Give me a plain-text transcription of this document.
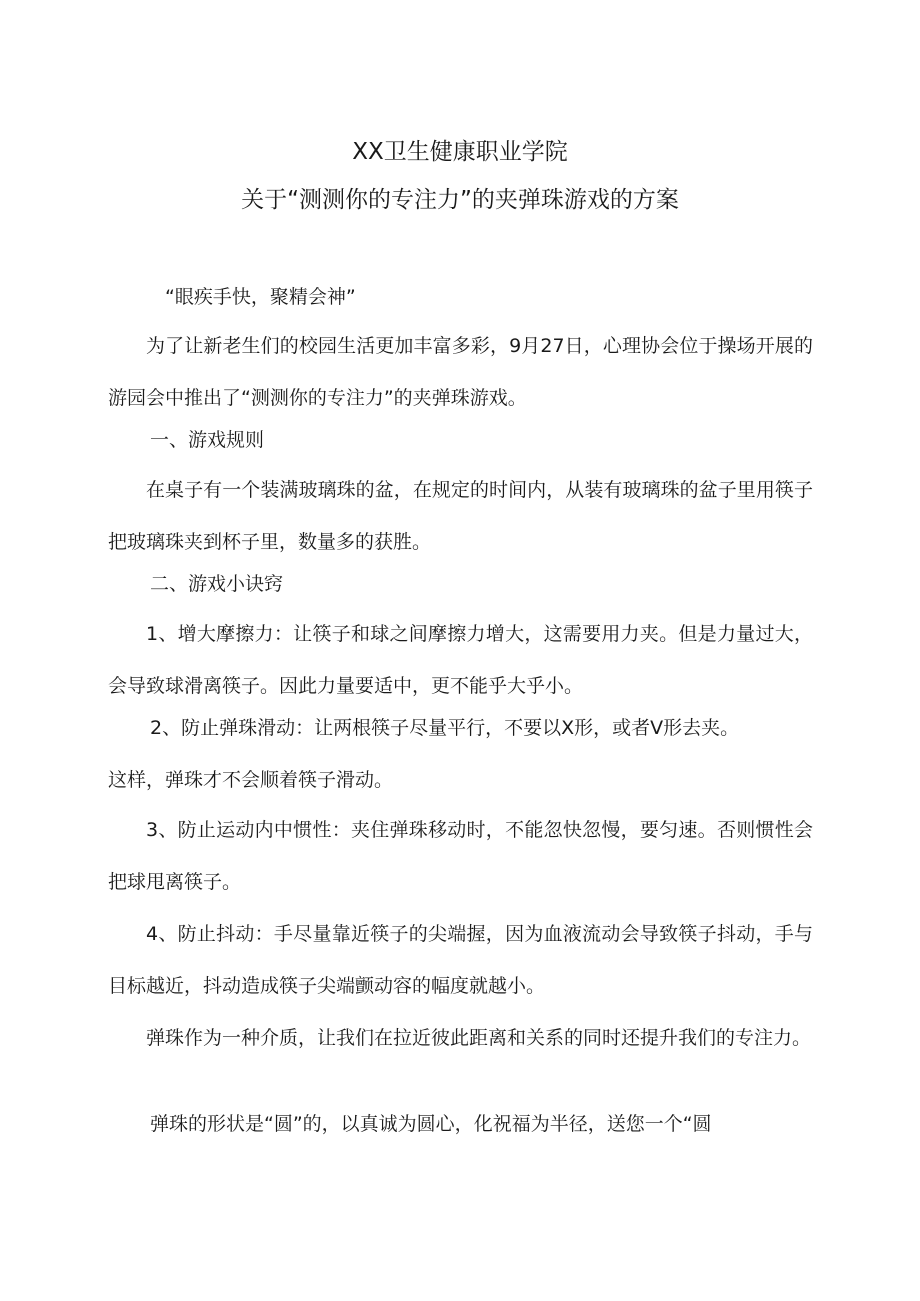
XX卫生健康职业学院
关于“测测你的专注力”的夹弹珠游戏的方案
“眼疾手快，聚精会神”
为了让新老生们的校园生活更加丰富多彩，9月27日，心理协会位于操场开展的游园会中推出了“测测你的专注力”的夹弹珠游戏。
一、游戏规则
在桌子有一个装满玻璃珠的盆，在规定的时间内，从装有玻璃珠的盆子里用筷子把玻璃珠夹到杯子里，数量多的获胜。
二、游戏小诀窍
1、增大摩擦力：让筷子和球之间摩擦力增大，这需要用力夹。但是力量过大，会导致球滑离筷子。因此力量要适中，更不能乎大乎小。
2、防止弹珠滑动：让两根筷子尽量平行，不要以X形，或者V形去夹。
这样，弹珠才不会顺着筷子滑动。
3、防止运动内中惯性：夹住弹珠移动时，不能忽快忽慢，要匀速。否则惯性会把球甩离筷子。
4、防止抖动：手尽量靠近筷子的尖端握，因为血液流动会导致筷子抖动，手与目标越近，抖动造成筷子尖端颤动容的幅度就越小。
弹珠作为一种介质，让我们在拉近彼此距离和关系的同时还提升我们的专注力。
弹珠的形状是“圆”的，以真诚为圆心，化祝福为半径，送您一个“圆
